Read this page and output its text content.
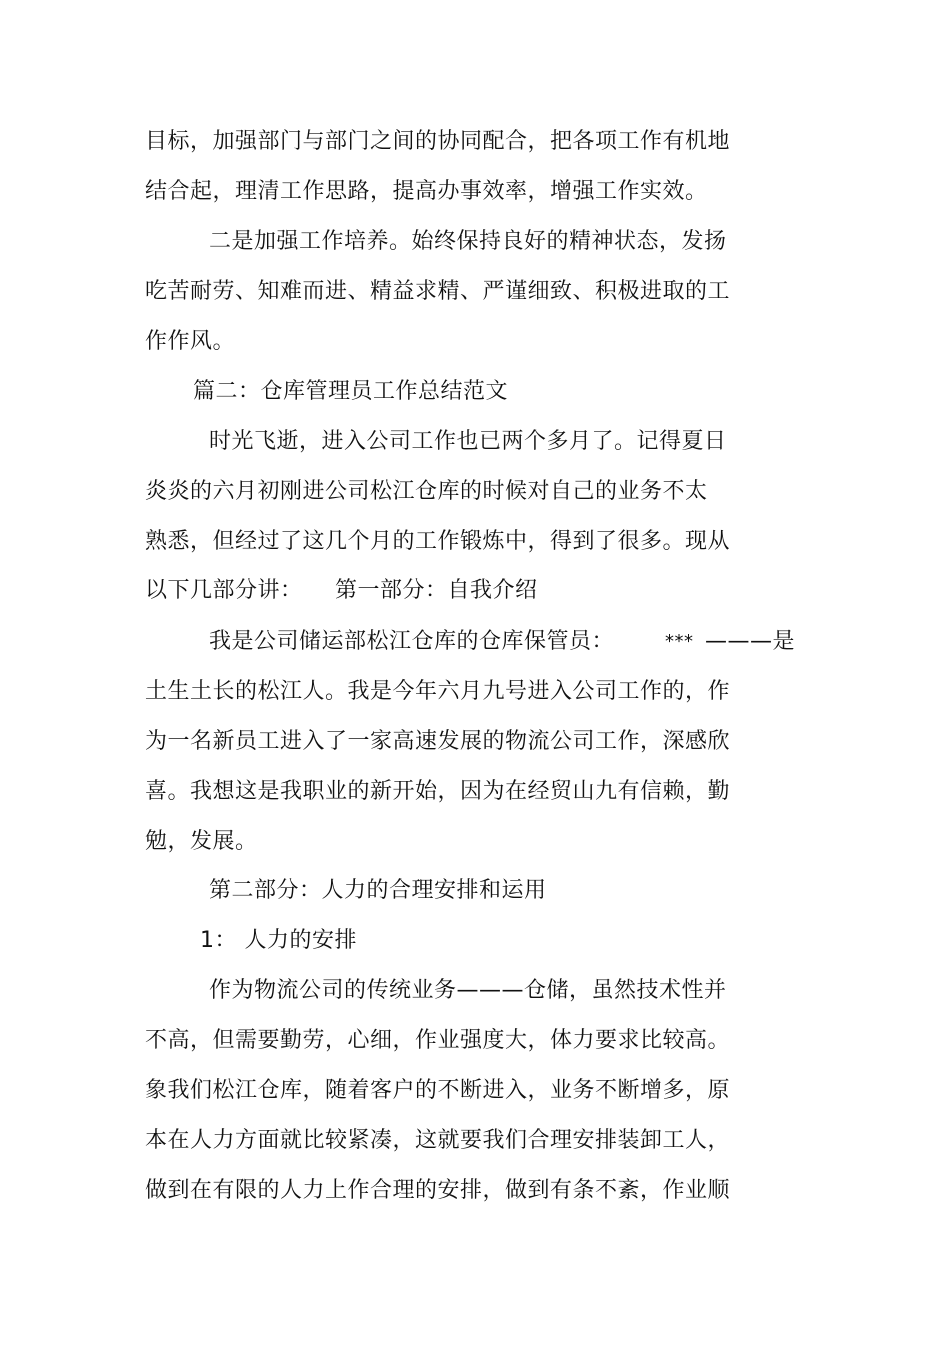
目标，加强部门与部门之间的协同配合，把各项工作有机地
结合起，理清工作思路，提高办事效率，增强工作实效。
二是加强工作培养。始终保持良好的精神状态，发扬
吃苦耐劳、知难而进、精益求精、严谨细致、积极进取的工
作作风。
篇二：仓库管理员工作总结范文
时光飞逝，进入公司工作也已两个多月了。记得夏日
炎炎的六月初刚进公司松江仓库的时候对自己的业务不太
熟悉，但经过了这几个月的工作锻炼中，得到了很多。现从
以下几部分讲： 第一部分：自我介绍
我是公司储运部松江仓库的仓库保管员：	*** ———是
土生土长的松江人。我是今年六月九号进入公司工作的，作
为一名新员工进入了一家高速发展的物流公司工作，深感欣
喜。我想这是我职业的新开始，因为在经贸山九有信赖，勤
勉，发展。
第二部分：人力的合理安排和运用
1： 人力的安排
作为物流公司的传统业务———仓储，虽然技术性并
不高，但需要勤劳，心细，作业强度大，体力要求比较高。
象我们松江仓库，随着客户的不断进入，业务不断增多，原
本在人力方面就比较紧凑，这就要我们合理安排装卸工人，
做到在有限的人力上作合理的安排，做到有条不紊，作业顺
